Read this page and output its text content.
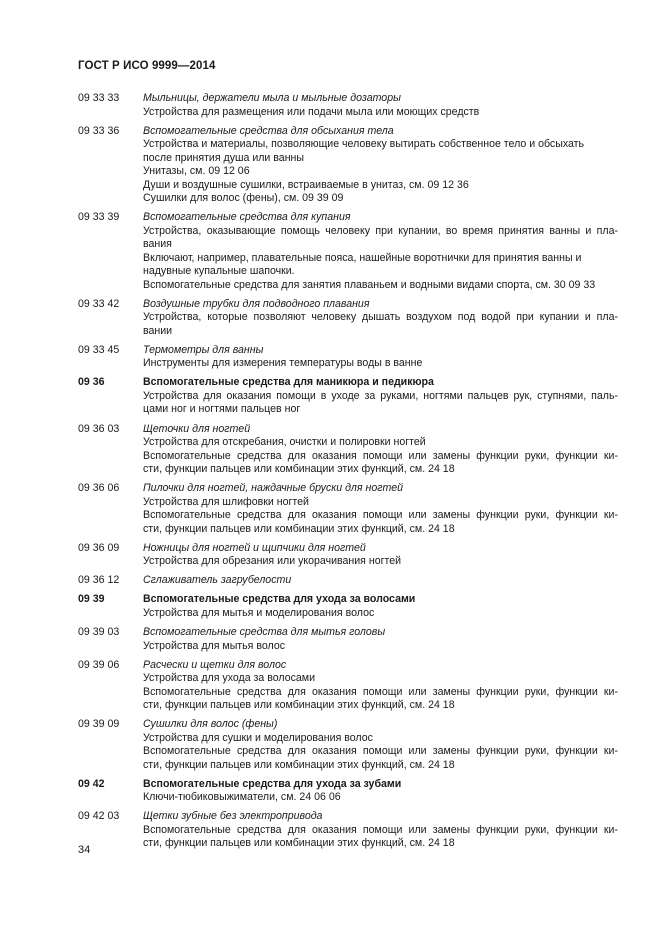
ГОСТ Р ИСО 9999—2014
09 33 33	Мыльницы, держатели мыла и мыльные дозаторы
Устройства для размещения или подачи мыла или моющих средств
09 33 36	Вспомогательные средства для обсыхания тела
Устройства и материалы, позволяющие человеку вытирать собственное тело и обсыхать
после принятия душа или ванны
Унитазы, см. 09 12 06
Души и воздушные сушилки, встраиваемые в унитаз, см. 09 12 36
Сушилки для волос (фены), см. 09 39 09
09 33 39	Вспомогательные средства для купания
Устройства, оказывающие помощь человеку при купании, во время принятия ванны и пла-
вания
Включают, например, плавательные пояса, нашейные воротнички для принятия ванны и
надувные купальные шапочки.
Вспомогательные средства для занятия плаваньем и водными видами спорта, см. 30 09 33
09 33 42	Воздушные трубки для подводного плавания
Устройства, которые позволяют человеку дышать воздухом под водой при купании и пла-
вании
09 33 45	Термометры для ванны
Инструменты для измерения температуры воды в ванне
09 36	Вспомогательные средства для маникюра и педикюра
Устройства для оказания помощи в уходе за руками, ногтями пальцев рук, ступнями, паль-
цами ног и ногтями пальцев ног
09 36 03	Щеточки для ногтей
Устройства для отскребания, очистки и полировки ногтей
Вспомогательные средства для оказания помощи или замены функции руки, функции ки-
сти, функции пальцев или комбинации этих функций, см. 24 18
09 36 06	Пилочки для ногтей, наждачные бруски для ногтей
Устройства для шлифовки ногтей
Вспомогательные средства для оказания помощи или замены функции руки, функции ки-
сти, функции пальцев или комбинации этих функций, см. 24 18
09 36 09	Ножницы для ногтей и щипчики для ногтей
Устройства для обрезания или укорачивания ногтей
09 36 12	Сглаживатель загрубелости
09 39	Вспомогательные средства для ухода за волосами
Устройства для мытья и моделирования волос
09 39 03	Вспомогательные средства для мытья головы
Устройства для мытья волос
09 39 06	Расчески и щетки для волос
Устройства для ухода за волосами
Вспомогательные средства для оказания помощи или замены функции руки, функции ки-
сти, функции пальцев или комбинации этих функций, см. 24 18
09 39 09	Сушилки для волос (фены)
Устройства для сушки и моделирования волос
Вспомогательные средства для оказания помощи или замены функции руки, функции ки-
сти, функции пальцев или комбинации этих функций, см. 24 18
09 42	Вспомогательные средства для ухода за зубами
Ключи-тюбиковыжиматели, см. 24 06 06
09 42 03	Щетки зубные без электропривода
Вспомогательные средства для оказания помощи или замены функции руки, функции ки-
сти, функции пальцев или комбинации этих функций, см. 24 18
34
